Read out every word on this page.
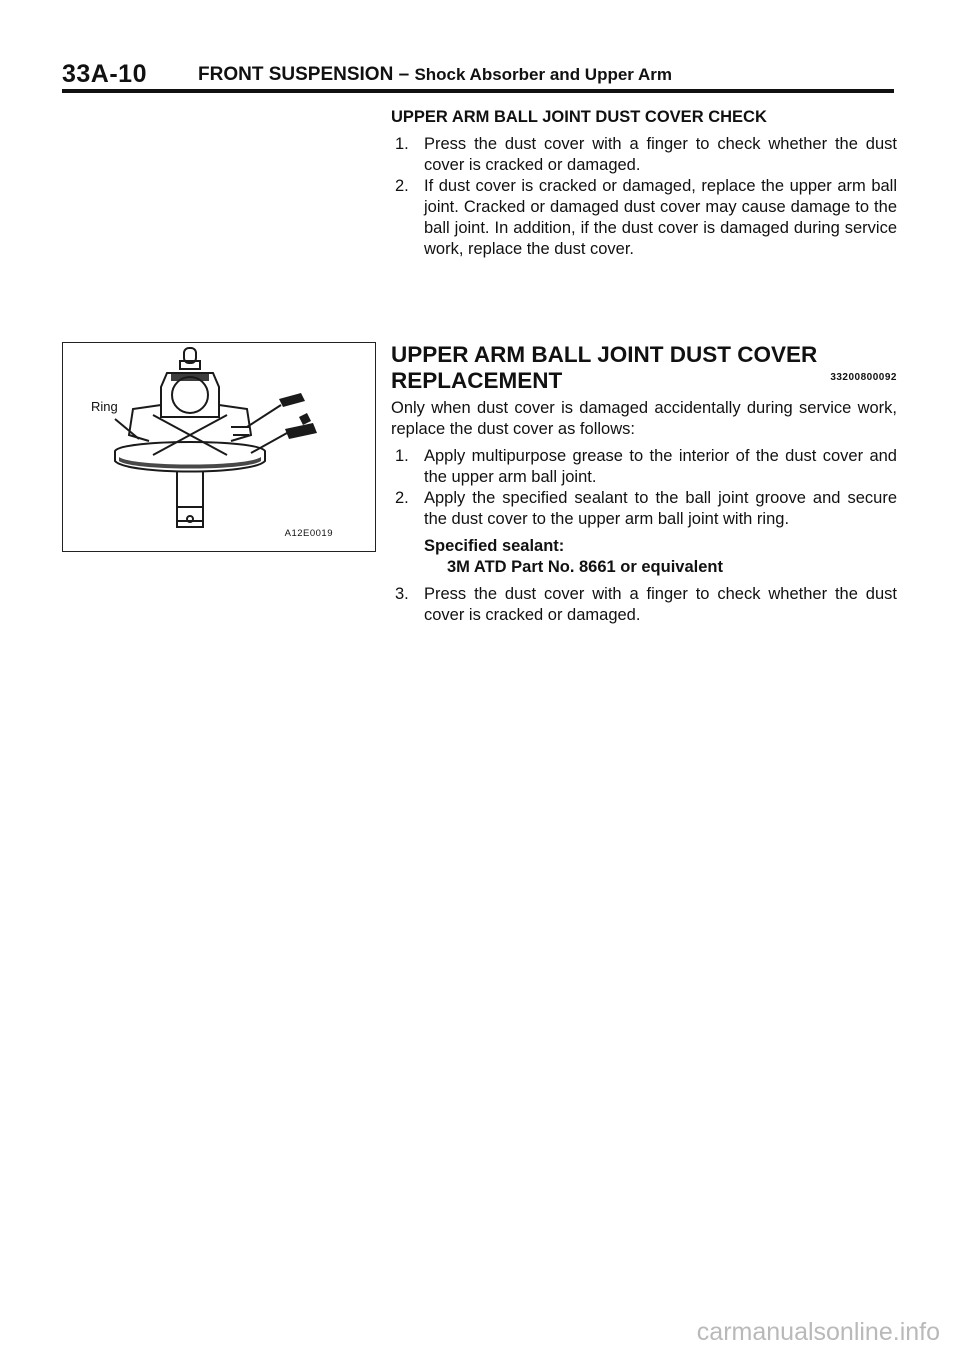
33A-10	FRONT SUSPENSION – Shock Absorber and Upper Arm
UPPER ARM BALL JOINT DUST COVER CHECK
1. Press the dust cover with a finger to check whether the dust cover is cracked or damaged.
2. If dust cover is cracked or damaged, replace the upper arm ball joint. Cracked or damaged dust cover may cause damage to the ball joint. In addition, if the dust cover is damaged during service work, replace the dust cover.
Ring
A12E0019
UPPER ARM BALL JOINT DUST COVER
REPLACEMENT	33200800092
Only when dust cover is damaged accidentally during service work, replace the dust cover as follows:
1. Apply multipurpose grease to the interior of the dust cover and the upper arm ball joint.
2. Apply the specified sealant to the ball joint groove and secure the dust cover to the upper arm ball joint with ring.
Specified sealant:
3M ATD Part No. 8661 or equivalent
3. Press the dust cover with a finger to check whether the dust cover is cracked or damaged.
carmanualsonline.info
